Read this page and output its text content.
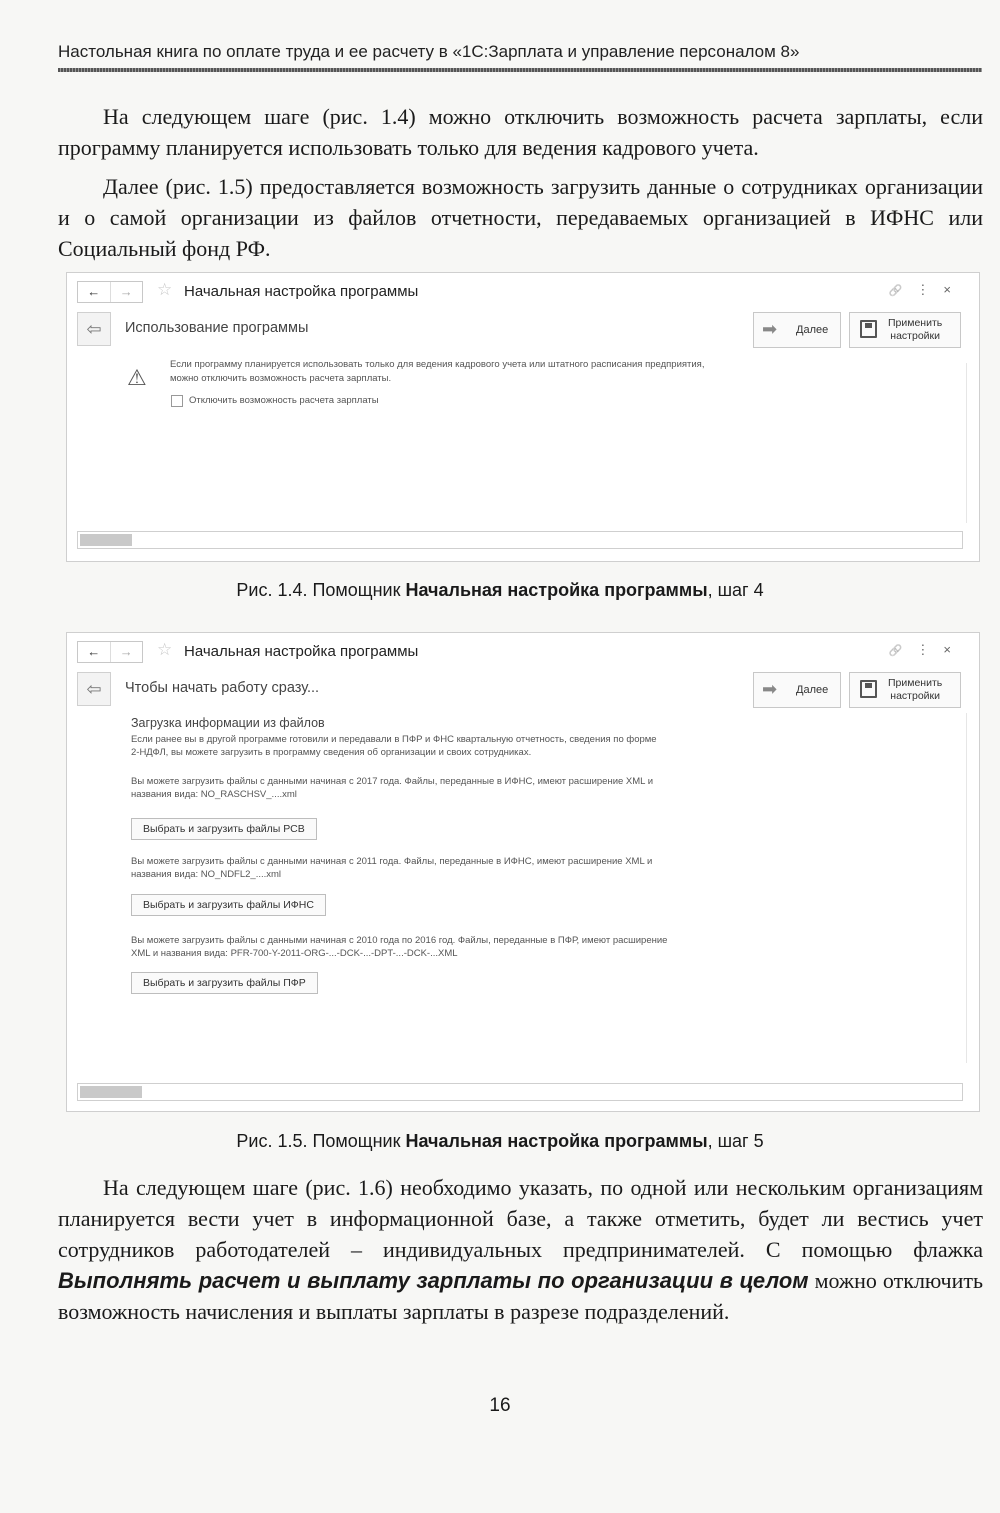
Настольная книга по оплате труда и ее расчету в «1С:Зарплата и управление персоналом 8»

На следующем шаге (рис. 1.4) можно отключить возможность расчета зарплаты, если программу планируется использовать только для ведения кадрового учета.

Далее (рис. 1.5) предоставляется возможность загрузить данные о сотрудниках организации и о самой организации из файлов отчетности, передаваемых организацией в ИФНС или Социальный фонд РФ.

←	→	☆ Начальная настройка программы	🔗⋮×
⇦	Использование программы	➡ Далее
Применить
настройки
⚠
Если программу планируется использовать только для ведения кадрового учета или штатного расписания предприятия,
можно отключить возможность расчета зарплаты.
Отключить возможность расчета зарплаты
Рис. 1.4. Помощник Начальная настройка программы, шаг 4
←	→	☆ Начальная настройка программы	🔗⋮×
⇦	Чтобы начать работу сразу...	➡ Далее
Применить
настройки
Загрузка информации из файлов
Если ранее вы в другой программе готовили и передавали в ПФР и ФНС квартальную отчетность, сведения по форме
2-НДФЛ, вы можете загрузить в программу сведения об организации и своих сотрудниках.
Вы можете загрузить файлы с данными начиная с 2017 года. Файлы, переданные в ИФНС, имеют расширение XML и
названия вида: NO_RASCHSV_....xml
Выбрать и загрузить файлы РСВ
Вы можете загрузить файлы с данными начиная с 2011 года. Файлы, переданные в ИФНС, имеют расширение XML и
названия вида: NO_NDFL2_....xml
Выбрать и загрузить файлы ИФНС
Вы можете загрузить файлы с данными начиная с 2010 года по 2016 год. Файлы, переданные в ПФР, имеют расширение
XML и названия вида: PFR-700-Y-2011-ORG-...-DCK-...-DPT-...-DCK-...XML
Выбрать и загрузить файлы ПФР
Рис. 1.5. Помощник Начальная настройка программы, шаг 5

На следующем шаге (рис. 1.6) необходимо указать, по одной или нескольким организациям планируется вести учет в информационной базе, а также отметить, будет ли вестись учет сотрудников работодателей – индивидуальных предпринимателей. С помощью флажка Выполнять расчет и выплату зарплаты по организации в целом можно отключить возможность начисления и выплаты зарплаты в разрезе подразделений.

16
